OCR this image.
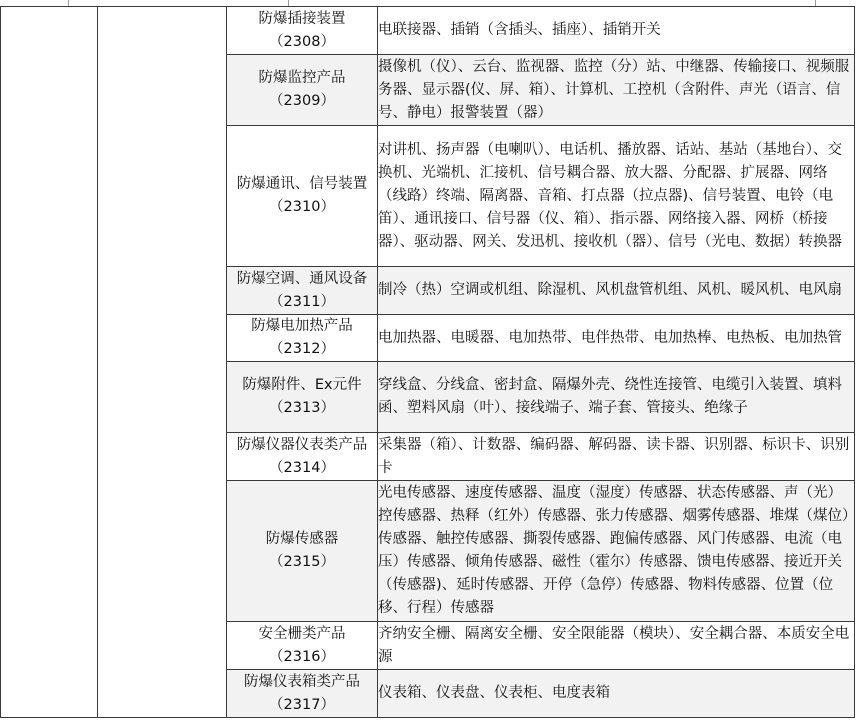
		防爆插接装置
（2308）	电联接器、插销（含插头、插座）、插销开关
		防爆监控产品
（2309）	摄像机（仪）、云台、监视器、监控（分）站、中继器、传输接口、视频服务器、显示器(仪、屏、箱）、计算机、工控机（含附件、声光（语言、信号、静电）报警装置（器）
		防爆通讯、信号装置
（2310）	对讲机、扬声器（电喇叭）、电话机、播放器、话站、基站（基地台）、交换机、光端机、汇接机、信号耦合器、放大器、分配器、扩展器、网络（线路）终端、隔离器、音箱、打点器（拉点器)、信号装置、电铃（电笛）、通讯接口、信号器（仪、箱）、指示器、网络接入器、网桥（桥接器）、驱动器、网关、发迅机、接收机（器）、信号（光电、数据）转换器
		防爆空调、通风设备
（2311）	制冷（热）空调或机组、除湿机、风机盘管机组、风机、暖风机、电风扇
		防爆电加热产品
（2312）	电加热器、电暖器、电加热带、电伴热带、电加热棒、电热板、电加热管
		防爆附件、Ex元件
（2313）	穿线盒、分线盒、密封盒、隔爆外壳、绕性连接管、电缆引入装置、填料函、塑料风扇（叶）、接线端子、端子套、管接头、绝缘子
		防爆仪器仪表类产品
（2314）	采集器（箱）、计数器、编码器、解码器、读卡器、识别器、标识卡、识别卡
		防爆传感器
（2315）	光电传感器、速度传感器、温度（湿度）传感器、状态传感器、声（光）控传感器、热释（红外）传感器、张力传感器、烟雾传感器、堆煤（煤位）传感器、触控传感器、撕裂传感器、跑偏传感器、风门传感器、电流（电压）传感器、倾角传感器、磁性（霍尔）传感器、馈电传感器、接近开关（传感器)、延时传感器、开停（急停）传感器、物料传感器、位置（位移、行程）传感器
		安全栅类产品
（2316）	齐纳安全栅、隔离安全栅、安全限能器（模块）、安全耦合器、本质安全电源
		防爆仪表箱类产品
（2317）	仪表箱、仪表盘、仪表柜、电度表箱
